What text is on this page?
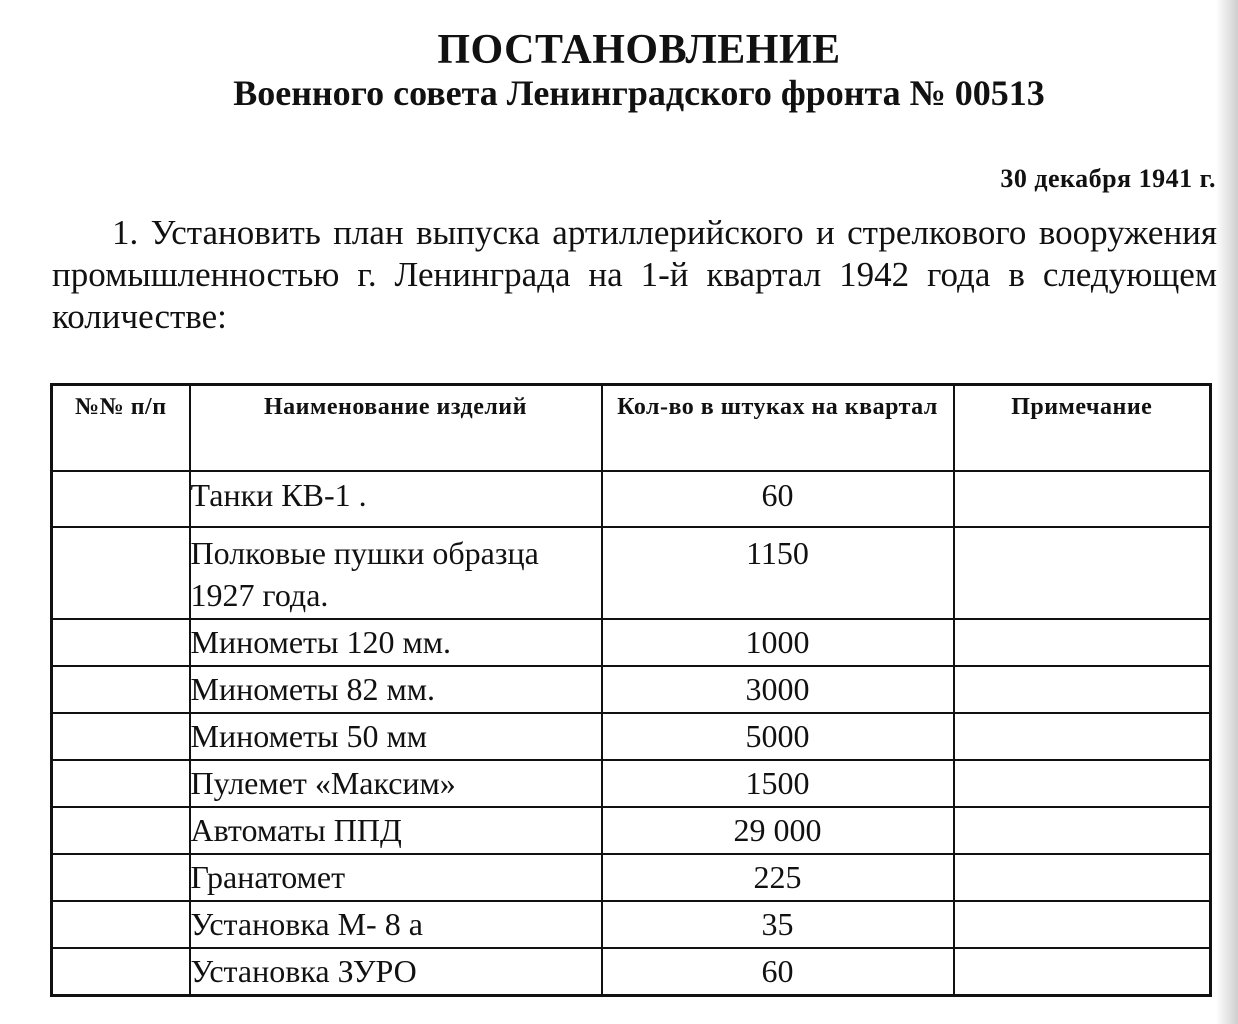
ПОСТАНОВЛЕНИЕ
Военного совета Ленинградского фронта № 00513
30 декабря 1941 г.
1. Установить план выпуска артиллерийского и стрелкового вооружения промышленностью г. Ленинграда на 1-й квартал 1942 года в следующем количестве:
№№ п/п	Наименование изделий	Кол-во в штуках на квартал	Примечание
	Танки КВ-1 .	60	
	Полковые пушки образца 1927 года.	1150	
	Минометы 120 мм.	1000	
	Минометы 82 мм.	3000	
	Минометы 50 мм	5000	
	Пулемет «Максим»	1500	
	Автоматы ППД	29 000	
	Гранатомет	225	
	Установка М- 8 а	35	
	Установка ЗУРО	60	
